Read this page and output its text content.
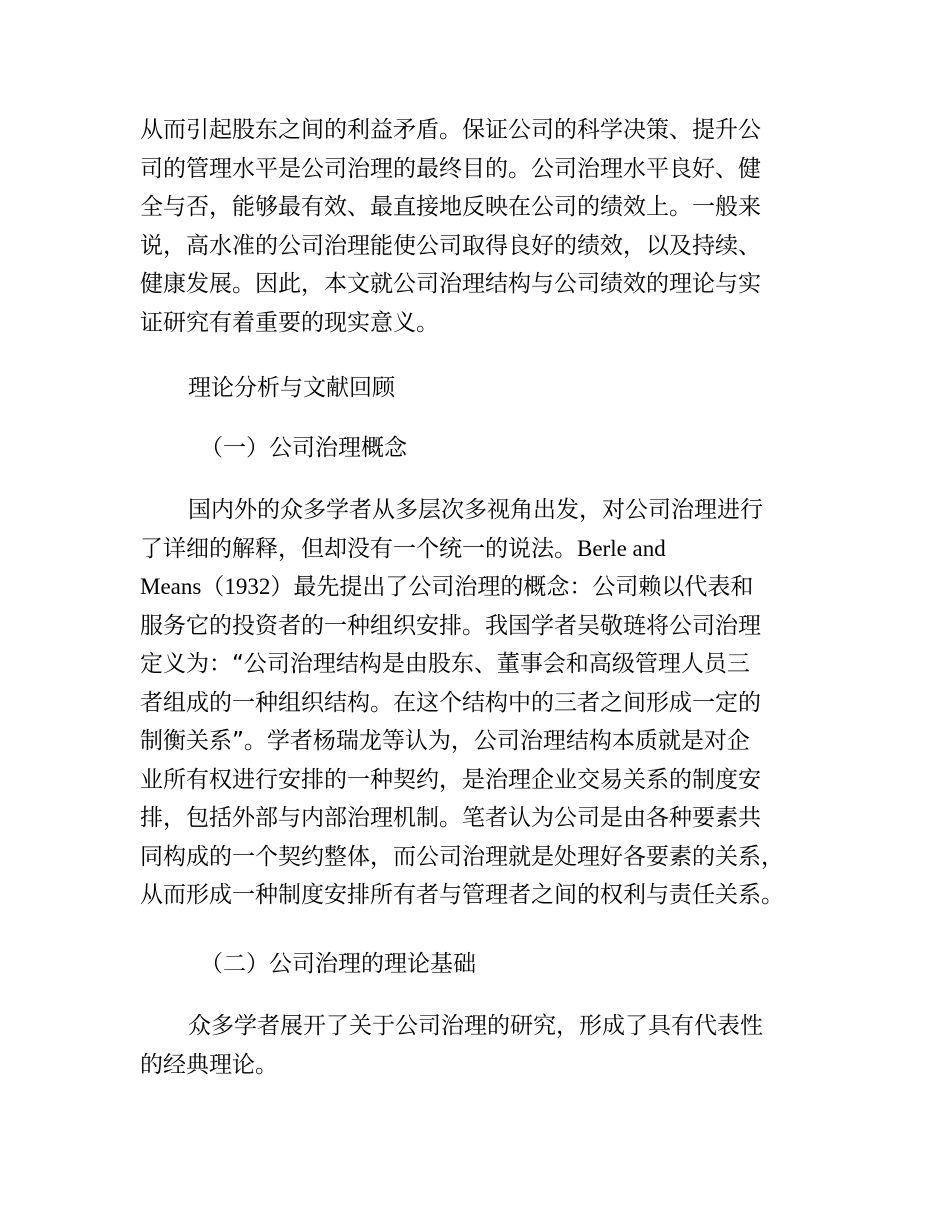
从而引起股东之间的利益矛盾。保证公司的科学决策、提升公
司的管理水平是公司治理的最终目的。公司治理水平良好、健
全与否，能够最有效、最直接地反映在公司的绩效上。一般来
说，高水准的公司治理能使公司取得良好的绩效，以及持续、
健康发展。因此，本文就公司治理结构与公司绩效的理论与实
证研究有着重要的现实意义。
理论分析与文献回顾
（一）公司治理概念
国内外的众多学者从多层次多视角出发，对公司治理进行
了详细的解释，但却没有一个统一的说法。Berle and
Means（1932）最先提出了公司治理的概念：公司赖以代表和
服务它的投资者的一种组织安排。我国学者吴敬琏将公司治理
定义为：“公司治理结构是由股东、董事会和高级管理人员三
者组成的一种组织结构。在这个结构中的三者之间形成一定的
制衡关系”。学者杨瑞龙等认为，公司治理结构本质就是对企
业所有权进行安排的一种契约，是治理企业交易关系的制度安
排，包括外部与内部治理机制。笔者认为公司是由各种要素共
同构成的一个契约整体，而公司治理就是处理好各要素的关系，
从而形成一种制度安排所有者与管理者之间的权利与责任关系。
（二）公司治理的理论基础
众多学者展开了关于公司治理的研究，形成了具有代表性
的经典理论。
